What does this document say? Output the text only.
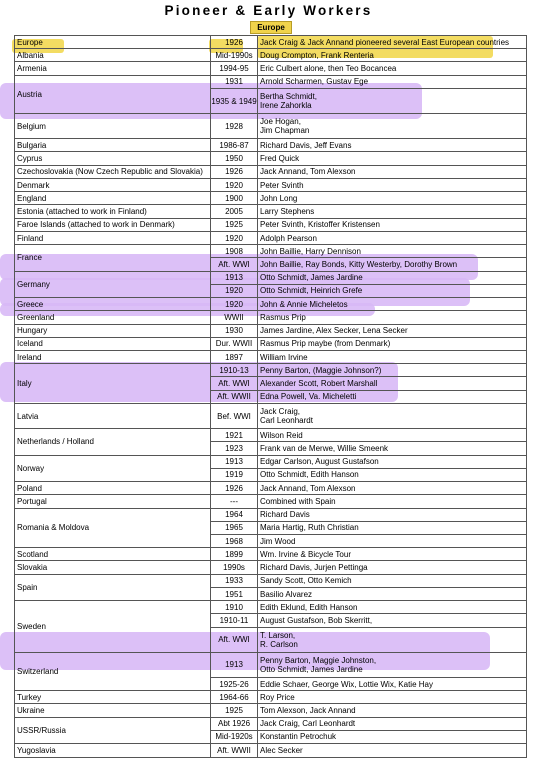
Pioneer & Early Workers
Europe
Europe	1926	Jack Craig & Jack Annand pioneered several East European countries
Albania	Mid-1990s	Doug Crompton, Frank Renteria

Armenia	1994-95	Eric Culbert alone, then Teo Bocancea

Austria	1931	Arnold Scharmen, Gustav Ege

	1935 & 1949	Bertha Schmidt,
Irene Zahorkla

Belgium	1928	Joe Hogan,
Jim Chapman

Bulgaria	1986-87	Richard Davis, Jeff Evans

Cyprus	1950	Fred Quick

Czechoslovakia (Now Czech Republic and Slovakia)	1926	Jack Annand, Tom Alexson

Denmark	1920	Peter Svinth

England	1900	John Long

Estonia (attached to work in Finland)	2005	Larry Stephens

Faroe Islands (attached to work in Denmark)	1925	Peter Svinth, Kristoffer Kristensen

Finland	1920	Adolph Pearson

France	1908	John Baillie, Harry Dennison

	Aft. WWI	John Baillie, Ray Bonds, Kitty Westerby, Dorothy Brown

Germany	1913	Otto Schmidt, James Jardine

	1920	Otto Schmidt, Heinrich Grefe

Greece	1920	John & Annie Micheletos

Greenland	WWII	Rasmus Prip

Hungary	1930	James Jardine, Alex Secker, Lena Secker

Iceland	Dur. WWII	Rasmus Prip maybe (from Denmark)

Ireland	1897	William Irvine

Italy	1910-13	Penny Barton, (Maggie Johnson?)

	Aft. WWI	Alexander Scott, Robert Marshall

	Aft. WWII	Edna Powell, Va. Micheletti

Latvia	Bef. WWI	Jack Craig,
Carl Leonhardt

Netherlands / Holland	1921	Wilson Reid

	1923	Frank van de Merwe, Willie Smeenk

Norway	1913	Edgar Carlson, August Gustafson

	1919	Otto Schmidt, Edith Hanson

Poland	1926	Jack Annand, Tom Alexson

Portugal	---	Combined with Spain

Romania & Moldova	1964	Richard Davis

	1965	Maria Hartig, Ruth Christian

	1968	Jim Wood

Scotland	1899	Wm. Irvine & Bicycle Tour

Slovakia	1990s	Richard Davis, Jurjen Pettinga

Spain	1933	Sandy Scott, Otto Kemich

	1951	Basilio Alvarez

Sweden	1910	Edith Eklund, Edith Hanson

	1910-11	August Gustafson, Bob Skerritt,

	Aft. WWI	T. Larson,
R. Carlson

Switzerland	1913	Penny Barton, Maggie Johnston,
Otto Schmidt, James Jardine

	1925-26	Eddie Schaer, George Wix, Lottie Wix, Katie Hay

Turkey	1964-66	Roy Price

Ukraine	1925	Tom Alexson, Jack Annand

USSR/Russia	Abt 1926	Jack Craig, Carl Leonhardt

	Mid-1920s	Konstantin Petrochuk

Yugoslavia	Aft. WWII	Alec Secker
